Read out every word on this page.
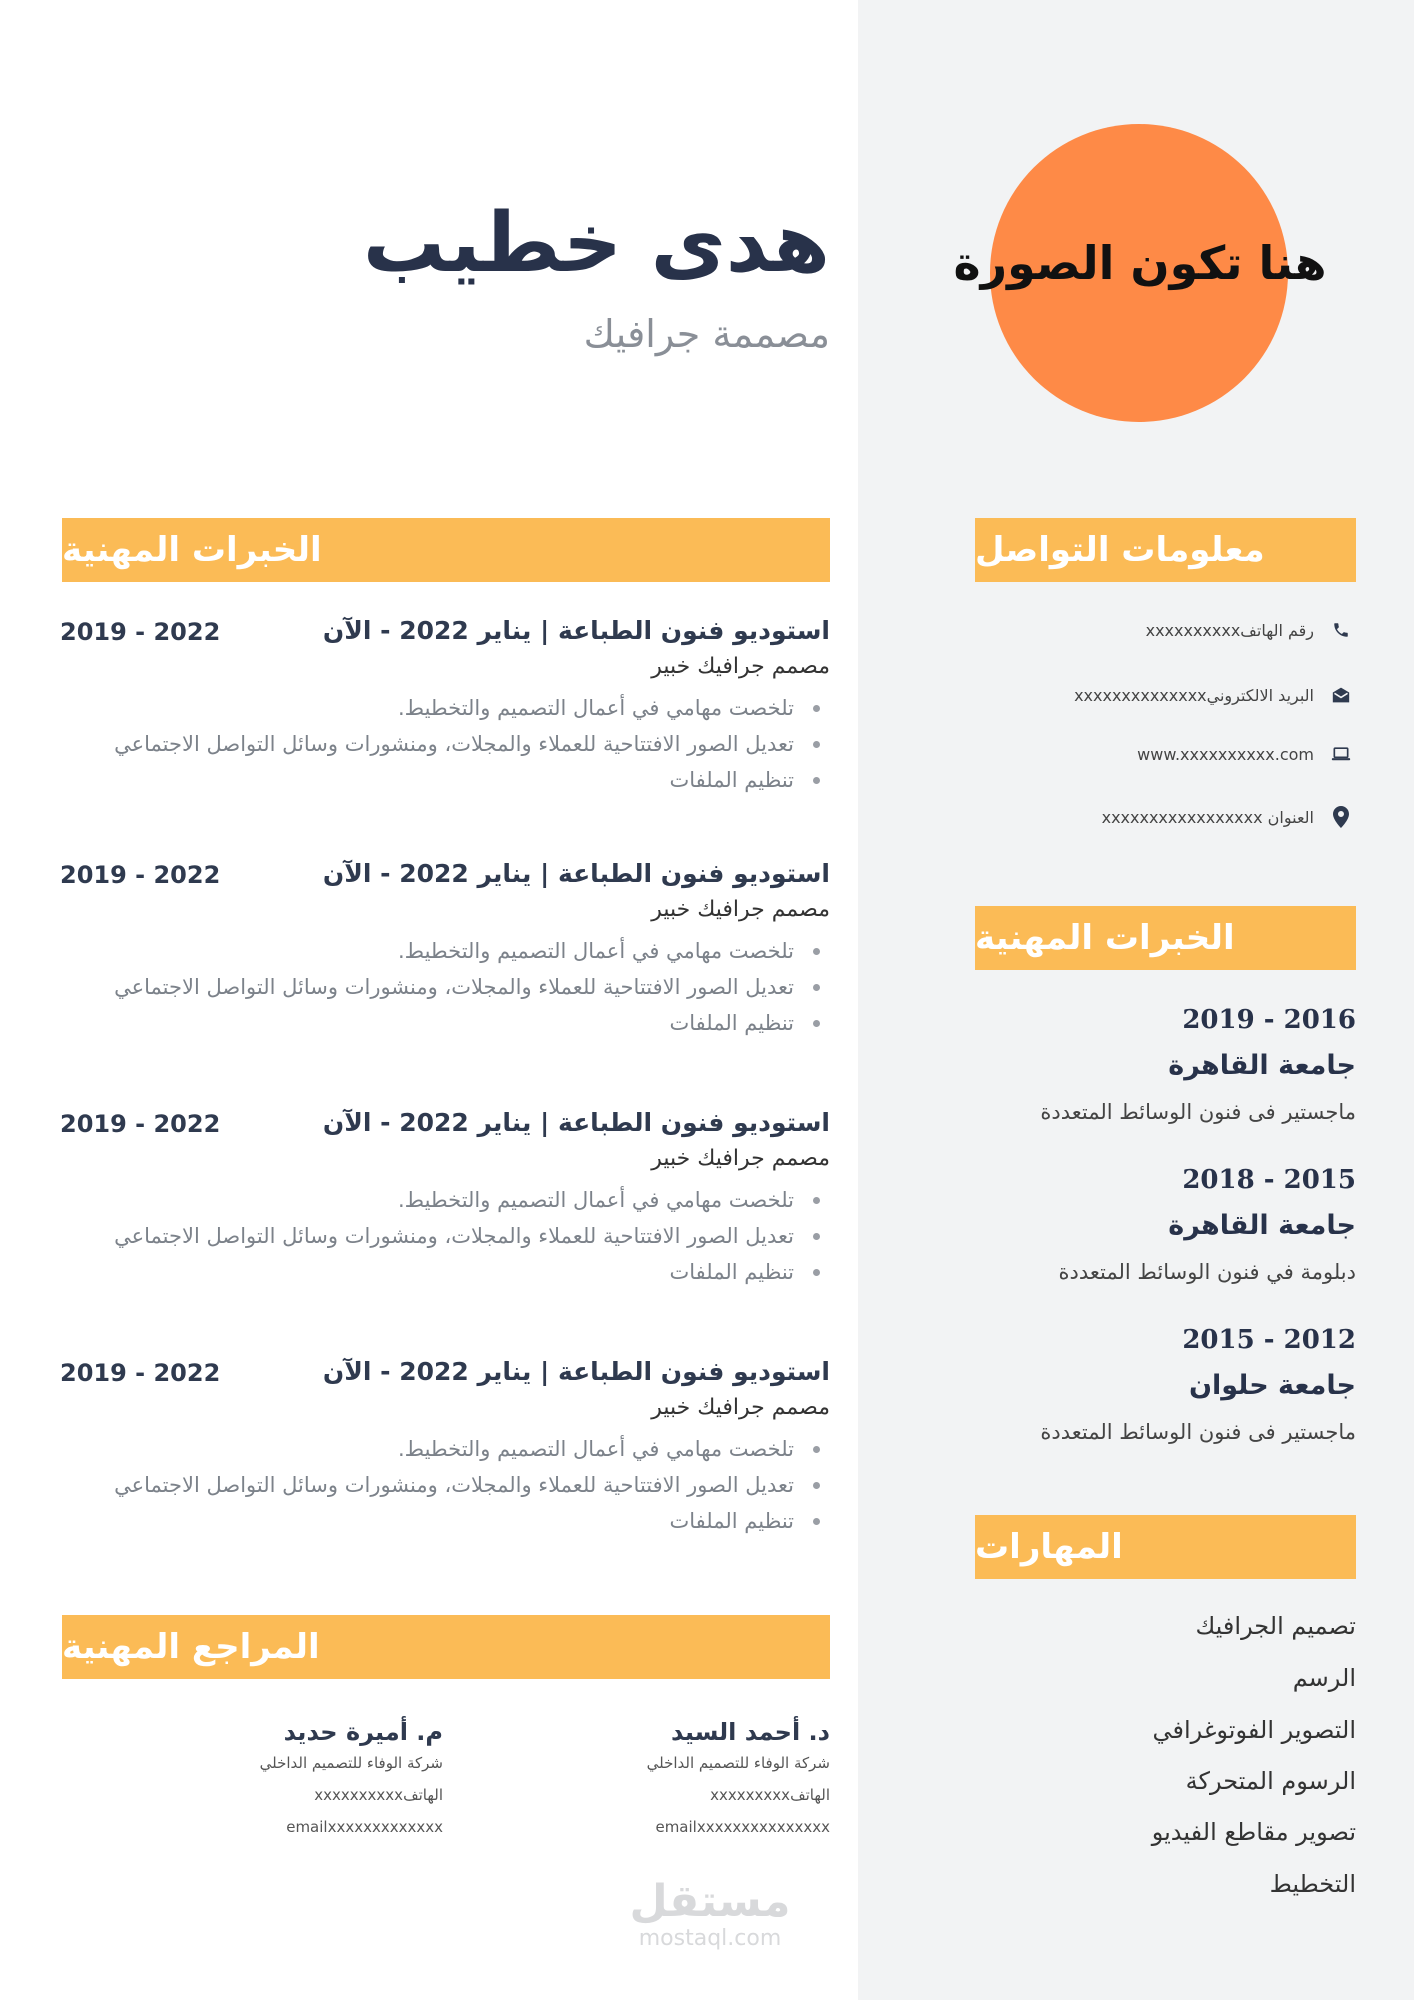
هنا تكون الصورة
هدى خطيب
مصممة جرافيك
معلومات التواصل
رقم الهاتفxxxxxxxxxx
البريد الالكترونيxxxxxxxxxxxxxx
www.xxxxxxxxxx.com
العنوان xxxxxxxxxxxxxxxxx
الخبرات المهنية
2016 - 2019
جامعة القاهرة
ماجستير فى فنون الوسائط المتعددة
2015 - 2018
جامعة القاهرة
دبلومة في فنون الوسائط المتعددة
2012 - 2015
جامعة حلوان
ماجستير فى فنون الوسائط المتعددة
المهارات
تصميم الجرافيك
الرسم
التصوير الفوتوغرافي
الرسوم المتحركة
تصوير مقاطع الفيديو
التخطيط
الخبرات المهنية
استوديو فنون الطباعة | يناير 2022 - الآن
2019 - 2022
مصمم جرافيك خبير
تلخصت مهامي في أعمال التصميم والتخطيط.
تعديل الصور الافتتاحية للعملاء والمجلات، ومنشورات وسائل التواصل الاجتماعي
تنظيم الملفات
استوديو فنون الطباعة | يناير 2022 - الآن
2019 - 2022
مصمم جرافيك خبير
تلخصت مهامي في أعمال التصميم والتخطيط.
تعديل الصور الافتتاحية للعملاء والمجلات، ومنشورات وسائل التواصل الاجتماعي
تنظيم الملفات
استوديو فنون الطباعة | يناير 2022 - الآن
2019 - 2022
مصمم جرافيك خبير
تلخصت مهامي في أعمال التصميم والتخطيط.
تعديل الصور الافتتاحية للعملاء والمجلات، ومنشورات وسائل التواصل الاجتماعي
تنظيم الملفات
استوديو فنون الطباعة | يناير 2022 - الآن
2019 - 2022
مصمم جرافيك خبير
تلخصت مهامي في أعمال التصميم والتخطيط.
تعديل الصور الافتتاحية للعملاء والمجلات، ومنشورات وسائل التواصل الاجتماعي
تنظيم الملفات
المراجع المهنية
د. أحمد السيد
شركة الوفاء للتصميم الداخلي
الهاتفxxxxxxxxx
emailxxxxxxxxxxxxxxx
م. أميرة حديد
شركة الوفاء للتصميم الداخلي
الهاتفxxxxxxxxxx
emailxxxxxxxxxxxxx
مستقل
mostaql.com
